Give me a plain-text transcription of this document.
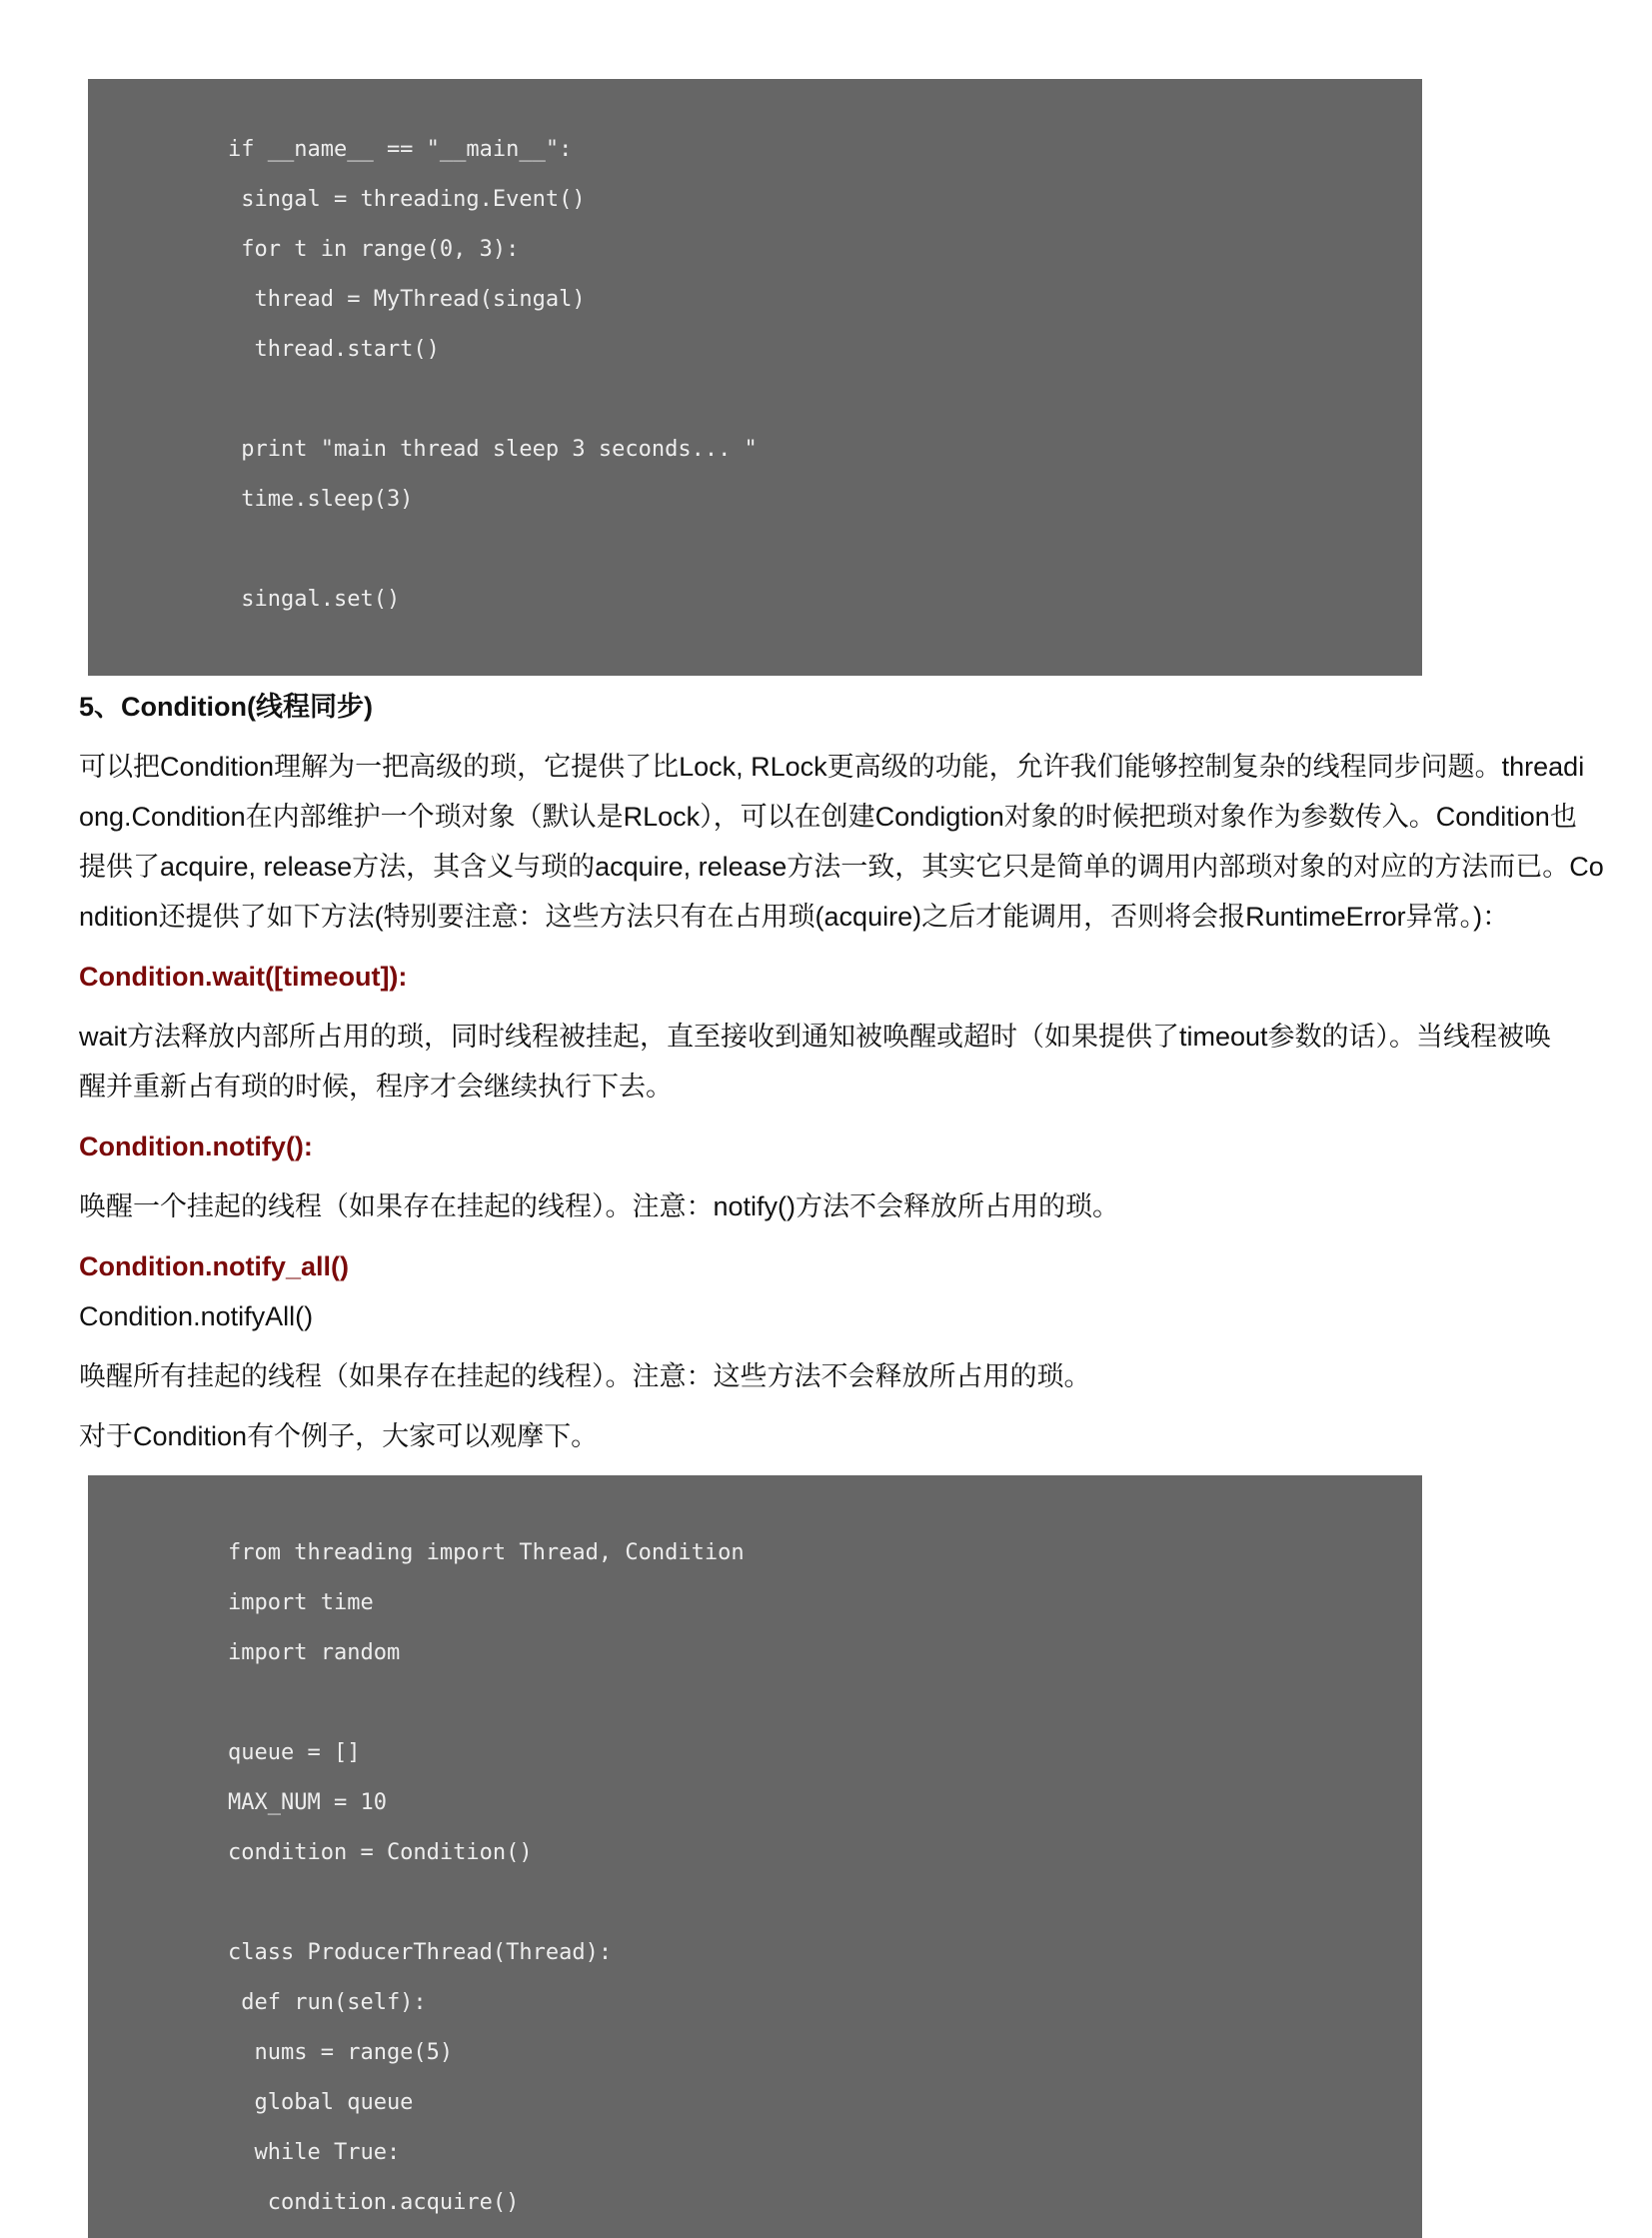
if __name__ == "__main__":
singal = threading.Event()
for t in range(0, 3):
thread = MyThread(singal)
thread.start()
print "main thread sleep 3 seconds... "
time.sleep(3)
singal.set()
5、Condition(线程同步)
可以把Condition理解为一把高级的琐，它提供了比Lock, RLock更高级的功能，允许我们能够控制复杂的线程同步问题。threadi
ong.Condition在内部维护一个琐对象（默认是RLock），可以在创建Condigtion对象的时候把琐对象作为参数传入。Condition也
提供了acquire, release方法，其含义与琐的acquire, release方法一致，其实它只是简单的调用内部琐对象的对应的方法而已。Co
ndition还提供了如下方法(特别要注意：这些方法只有在占用琐(acquire)之后才能调用，否则将会报RuntimeError异常。)：
Condition.wait([timeout]):
wait方法释放内部所占用的琐，同时线程被挂起，直至接收到通知被唤醒或超时（如果提供了timeout参数的话）。当线程被唤
醒并重新占有琐的时候，程序才会继续执行下去。
Condition.notify():
唤醒一个挂起的线程（如果存在挂起的线程）。注意：notify()方法不会释放所占用的琐。
Condition.notify_all()
Condition.notifyAll()
唤醒所有挂起的线程（如果存在挂起的线程）。注意：这些方法不会释放所占用的琐。
对于Condition有个例子，大家可以观摩下。
from threading import Thread, Condition
import time
import random
queue = []
MAX_NUM = 10
condition = Condition()
class ProducerThread(Thread):
def run(self):
nums = range(5)
global queue
while True:
condition.acquire()
